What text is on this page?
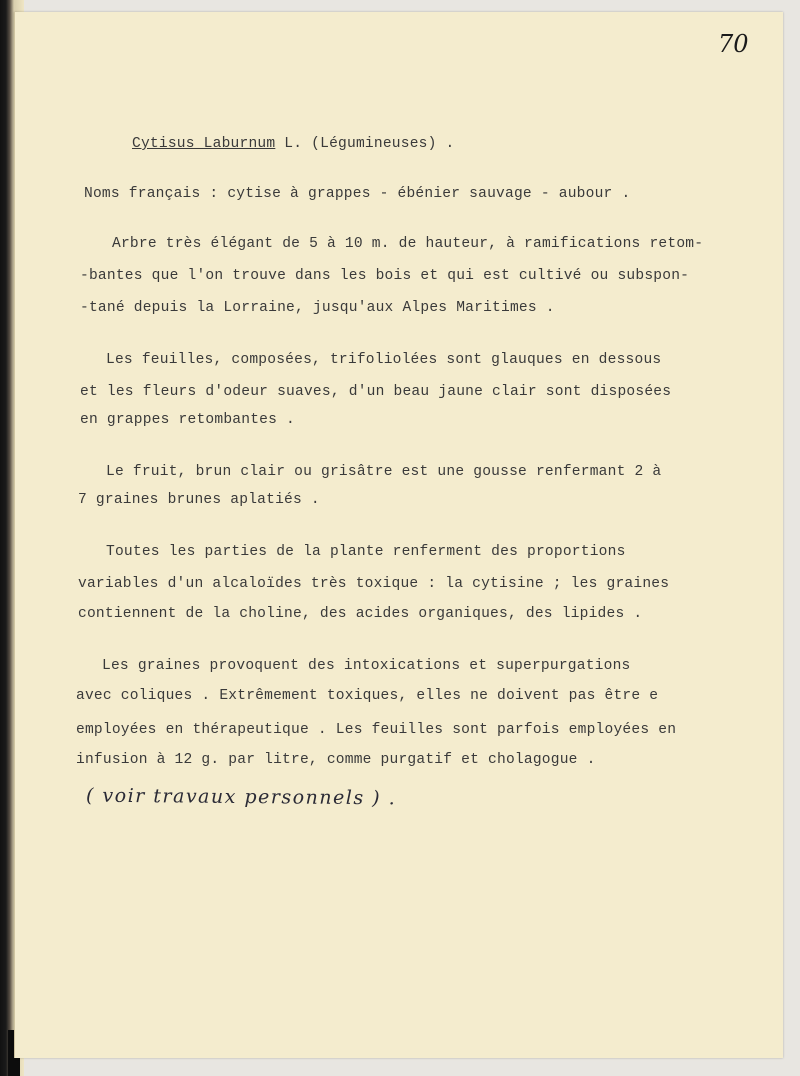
70
Cytisus Laburnum L. (Légumineuses) .
Noms français : cytise à grappes - ébénier sauvage - aubour .
Arbre très élégant de 5 à 10 m. de hauteur, à ramifications retom-
-bantes que l'on trouve dans les bois et qui est cultivé ou subspon-
-tané depuis la Lorraine, jusqu'aux Alpes Maritimes .
Les feuilles, composées, trifoliolées sont glauques en dessous
et les fleurs d'odeur suaves, d'un beau jaune clair sont disposées
en grappes retombantes .
Le fruit, brun clair ou grisâtre est une gousse renfermant 2 à
7 graines brunes aplatiés .
Toutes les parties de la plante renferment des proportions
variables d'un alcaloïdes très toxique : la cytisine ; les graines
contiennent de la choline, des acides organiques, des lipides .
Les graines provoquent des intoxications et superpurgations
avec coliques . Extrêmement toxiques, elles ne doivent pas être e
employées en thérapeutique . Les feuilles sont parfois employées en
infusion à 12 g. par litre, comme purgatif et cholagogue .
( voir travaux personnels ) .
